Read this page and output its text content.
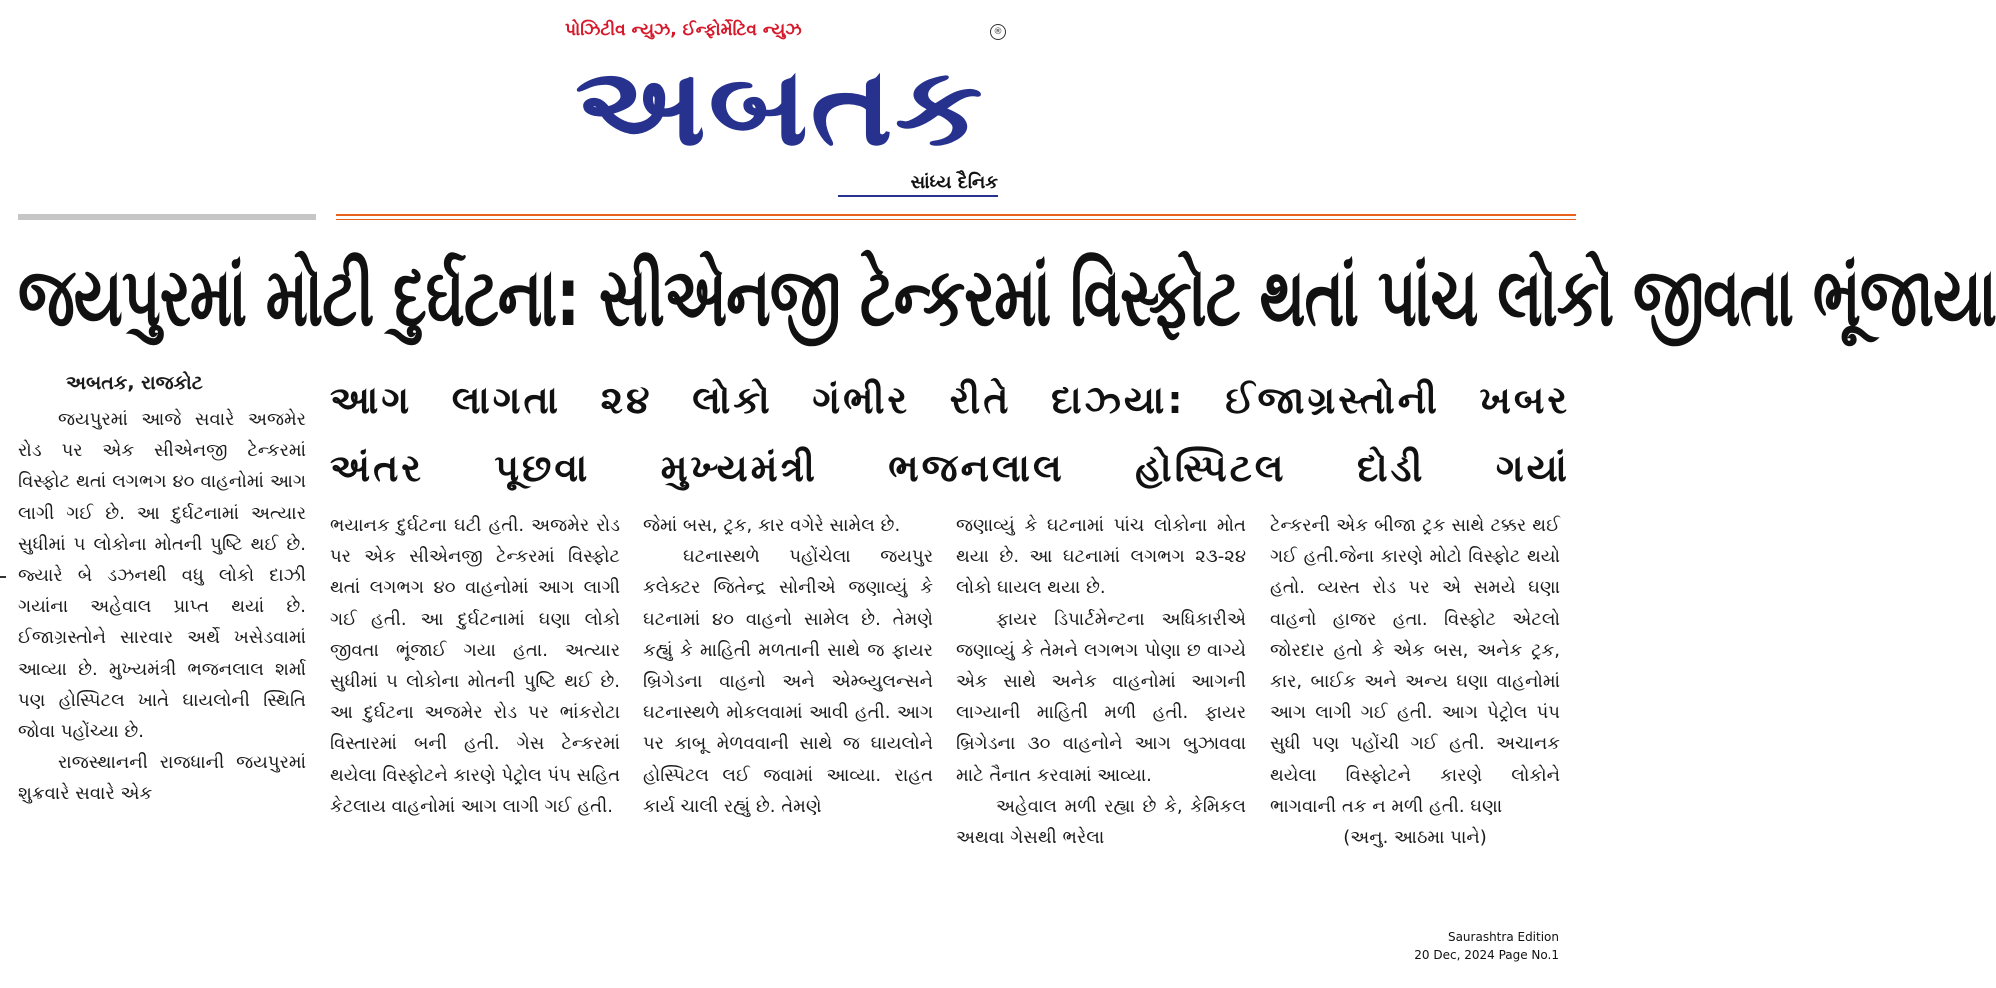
પોઝિટીવ ન્યુઝ, ઈન્ફોર્મેટિવ ન્યુઝ	®
અબતક
સાંધ્ય દૈનિક
જયપુરમાં મોટી દુર્ઘટના: સીએનજી ટેન્કરમાં વિસ્ફોટ થતાં પાંચ લોકો જીવતા ભૂંજાયા
અબતક, રાજકોટ	આગ લાગતા ૨૪ લોકો ગંભીર રીતે દાઝ્યા: ઈજાગ્રસ્તોની ખબર
અંતર પૂછવા મુખ્યમંત્રી ભજનલાલ હોસ્પિટલ દોડી ગયાં

જયપુરમાં આજે સવારે અજમેર રોડ પર એક સીએનજી ટેન્કરમાં વિસ્ફોટ થતાં લગભગ ૪૦ વાહનોમાં આગ લાગી ગઈ છે. આ દુર્ઘટનામાં અત્યાર સુધીમાં ૫ લોકોના મોતની પુષ્ટિ થઈ છે. જ્યારે બે ડઝનથી વધુ લોકો દાઝી ગયાંના અહેવાલ પ્રાપ્ત થયાં છે. ઈજાગ્રસ્તોને સારવાર અર્થે ખસેડવામાં આવ્યા છે. મુખ્યમંત્રી ભજનલાલ શર્મા પણ હોસ્પિટલ ખાતે ઘાયલોની સ્થિતિ જોવા પહોંચ્યા છે.

રાજસ્થાનની રાજધાની જયપુરમાં શુક્રવારે સવારે એક

ભયાનક દુર્ઘટના ઘટી હતી. અજમેર રોડ પર એક સીએનજી ટેન્કરમાં વિસ્ફોટ થતાં લગભગ ૪૦ વાહનોમાં આગ લાગી ગઈ હતી. આ દુર્ઘટનામાં ઘણા લોકો જીવતા ભૂંજાઈ ગયા હતા. અત્યાર સુધીમાં ૫ લોકોના મોતની પુષ્ટિ થઈ છે. આ દુર્ઘટના અજમેર રોડ પર ભાંકરોટા વિસ્તારમાં બની હતી. ગેસ ટેન્કરમાં થયેલા વિસ્ફોટને કારણે પેટ્રોલ પંપ સહિત કેટલાય વાહનોમાં આગ લાગી ગઈ હતી.

જેમાં બસ, ટ્રક, કાર વગેરે સામેલ છે.

ઘટનાસ્થળે પહોંચેલા જયપુર કલેક્ટર જિતેન્દ્ર સોનીએ જણાવ્યું કે ઘટનામાં ૪૦ વાહનો સામેલ છે. તેમણે કહ્યું કે માહિતી મળતાની સાથે જ ફાયર બ્રિગેડના વાહનો અને એમ્બ્યુલન્સને ઘટનાસ્થળે મોકલવામાં આવી હતી. આગ પર કાબૂ મેળવવાની સાથે જ ઘાયલોને હોસ્પિટલ લઈ જવામાં આવ્યા. રાહત કાર્ય ચાલી રહ્યું છે. તેમણે

જણાવ્યું કે ઘટનામાં પાંચ લોકોના મોત થયા છે. આ ઘટનામાં લગભગ ૨૩-૨૪ લોકો ઘાયલ થયા છે.

ફાયર ડિપાર્ટમેન્ટના અધિકારીએ જણાવ્યું કે તેમને લગભગ પોણા છ વાગ્યે એક સાથે અનેક વાહનોમાં આગની લાગ્યાની માહિતી મળી હતી. ફાયર બ્રિગેડના ૩૦ વાહનોને આગ બુઝાવવા માટે તૈનાત કરવામાં આવ્યા.

અહેવાલ મળી રહ્યા છે કે, કેમિકલ અથવા ગેસથી ભરેલા

ટેન્કરની એક બીજા ટ્રક સાથે ટક્કર થઈ ગઈ હતી.જેના કારણે મોટો વિસ્ફોટ થયો હતો. વ્યસ્ત રોડ પર એ સમયે ઘણા વાહનો હાજર હતા. વિસ્ફોટ એટલો જોરદાર હતો કે એક બસ, અનેક ટ્રક, કાર, બાઈક અને અન્ય ઘણા વાહનોમાં આગ લાગી ગઈ હતી. આગ પેટ્રોલ પંપ સુધી પણ પહોંચી ગઈ હતી. અચાનક થયેલા વિસ્ફોટને કારણે લોકોને ભાગવાની તક ન મળી હતી. ઘણા

(અનુ. આઠમા પાને)

Saurashtra Edition
20 Dec, 2024 Page No.1
